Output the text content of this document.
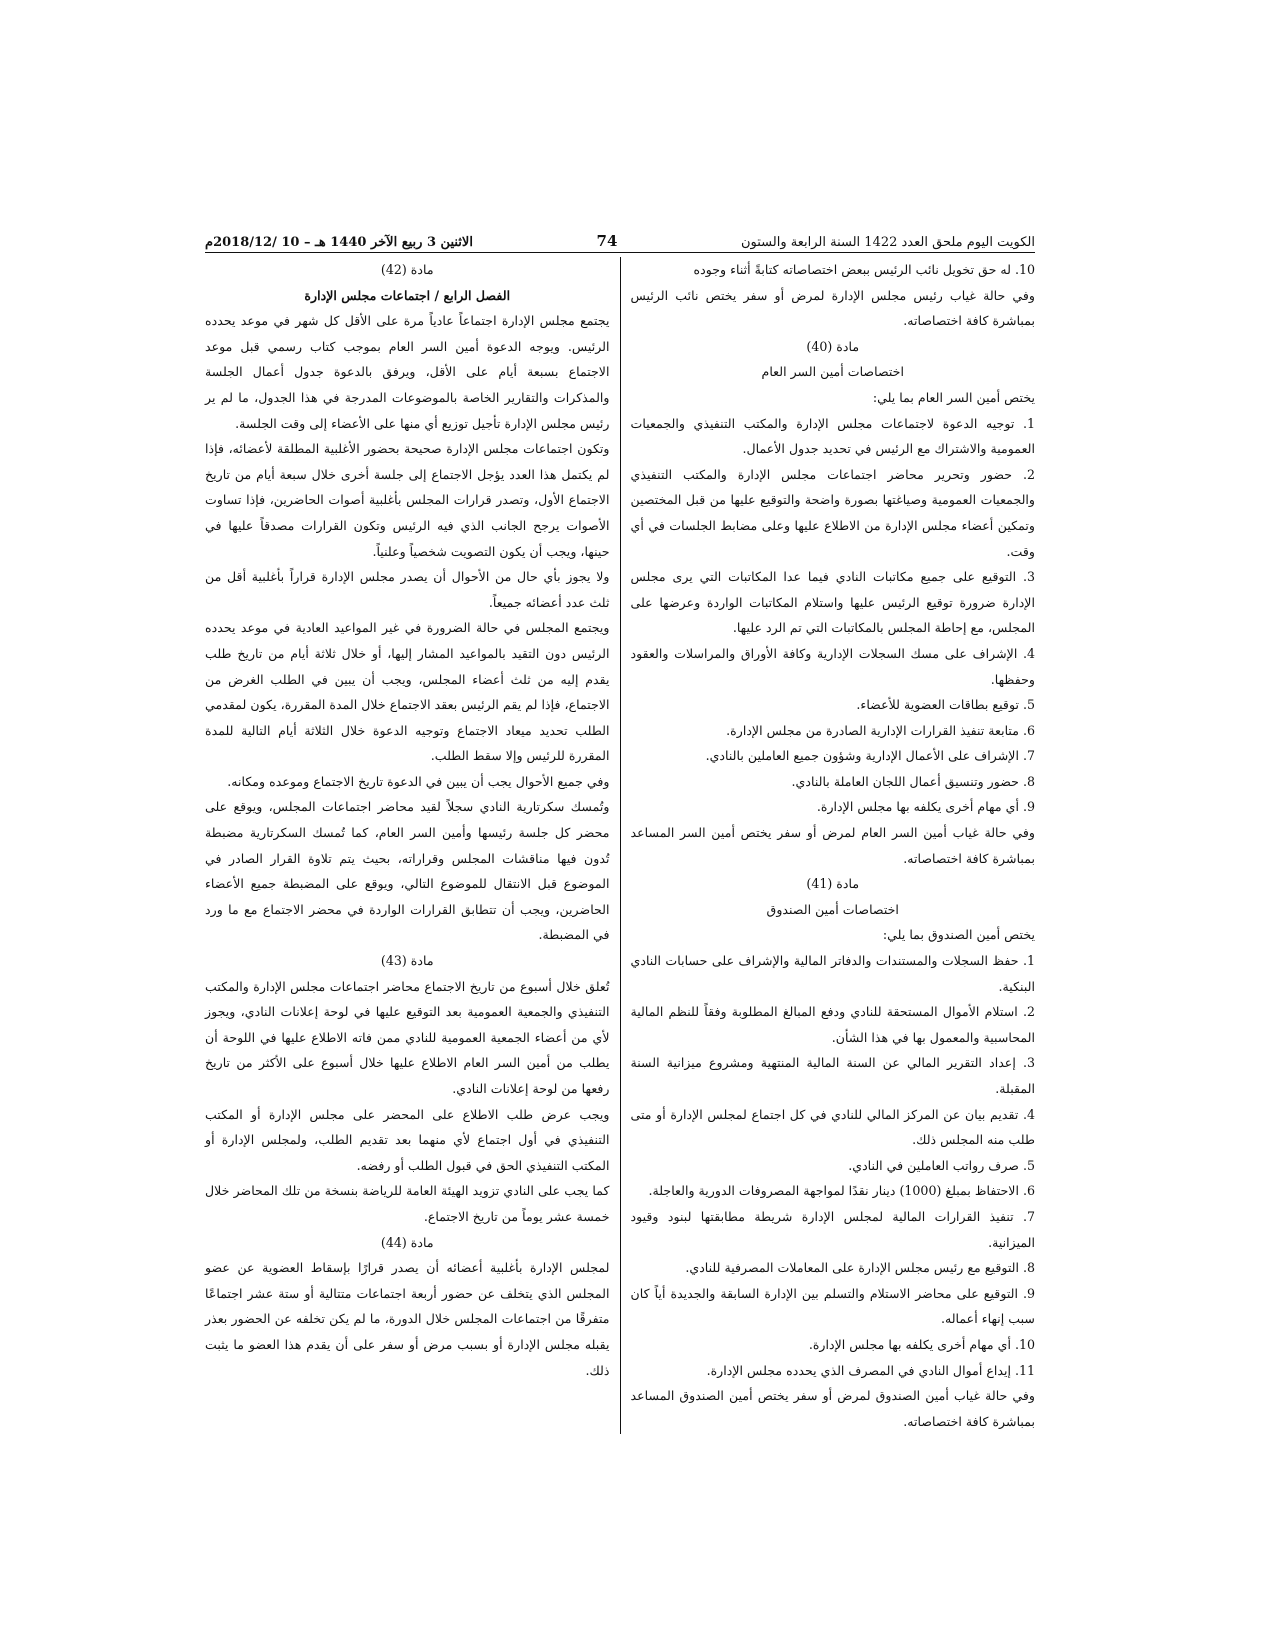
الكويت اليوم ملحق العدد 1422 السنة الرابعة والستون
74
الاثنين 3 ربيع الآخر 1440 هـ – 10 /2018/12م

10. له حق تخويل نائب الرئيس ببعض اختصاصاته كتابةً أثناء وجوده

وفي حالة غياب رئيس مجلس الإدارة لمرض أو سفر يختص نائب الرئيس بمباشرة كافة اختصاصاته.

مادة (40)

اختصاصات أمين السر العام

يختص أمين السر العام بما يلي:

1. توجيه الدعوة لاجتماعات مجلس الإدارة والمكتب التنفيذي والجمعيات العمومية والاشتراك مع الرئيس في تحديد جدول الأعمال.

2. حضور وتحرير محاضر اجتماعات مجلس الإدارة والمكتب التنفيذي والجمعيات العمومية وصياغتها بصورة واضحة والتوقيع عليها من قبل المختصين وتمكين أعضاء مجلس الإدارة من الاطلاع عليها وعلى مضابط الجلسات في أي وقت.

3. التوقيع على جميع مكاتبات النادي فيما عدا المكاتبات التي يرى مجلس الإدارة ضرورة توقيع الرئيس عليها واستلام المكاتبات الواردة وعرضها على المجلس، مع إحاطة المجلس بالمكاتبات التي تم الرد عليها.

4. الإشراف على مسك السجلات الإدارية وكافة الأوراق والمراسلات والعقود وحفظها.

5. توقيع بطاقات العضوية للأعضاء.

6. متابعة تنفيذ القرارات الإدارية الصادرة من مجلس الإدارة.

7. الإشراف على الأعمال الإدارية وشؤون جميع العاملين بالنادي.

8. حضور وتنسيق أعمال اللجان العاملة بالنادي.

9. أي مهام أخرى يكلفه بها مجلس الإدارة.

وفي حالة غياب أمين السر العام لمرض أو سفر يختص أمين السر المساعد بمباشرة كافة اختصاصاته.

مادة (41)

اختصاصات أمين الصندوق

يختص أمين الصندوق بما يلي:

1. حفظ السجلات والمستندات والدفاتر المالية والإشراف على حسابات النادي البنكية.

2. استلام الأموال المستحقة للنادي ودفع المبالغ المطلوبة وفقاً للنظم المالية المحاسبية والمعمول بها في هذا الشأن.

3. إعداد التقرير المالي عن السنة المالية المنتهية ومشروع ميزانية السنة المقبلة.

4. تقديم بيان عن المركز المالي للنادي في كل اجتماع لمجلس الإدارة أو متى طلب منه المجلس ذلك.

5. صرف رواتب العاملين في النادي.

6. الاحتفاظ بمبلغ (1000) دينار نقدًا لمواجهة المصروفات الدورية والعاجلة.

7. تنفيذ القرارات المالية لمجلس الإدارة شريطة مطابقتها لبنود وقيود الميزانية.

8. التوقيع مع رئيس مجلس الإدارة على المعاملات المصرفية للنادي.

9. التوقيع على محاضر الاستلام والتسلم بين الإدارة السابقة والجديدة أياً كان سبب إنهاء أعماله.

10. أي مهام أخرى يكلفه بها مجلس الإدارة.

11. إيداع أموال النادي في المصرف الذي يحدده مجلس الإدارة.

وفي حالة غياب أمين الصندوق لمرض أو سفر يختص أمين الصندوق المساعد بمباشرة كافة اختصاصاته.

مادة (42)

الفصل الرابع / اجتماعات مجلس الإدارة

يجتمع مجلس الإدارة اجتماعاً عادياً مرة على الأقل كل شهر في موعد يحدده الرئيس. ويوجه الدعوة أمين السر العام بموجب كتاب رسمي قبل موعد الاجتماع بسبعة أيام على الأقل، ويرفق بالدعوة جدول أعمال الجلسة والمذكرات والتقارير الخاصة بالموضوعات المدرجة في هذا الجدول، ما لم ير رئيس مجلس الإدارة تأجيل توزيع أي منها على الأعضاء إلى وقت الجلسة.

وتكون اجتماعات مجلس الإدارة صحيحة بحضور الأغلبية المطلقة لأعضائه، فإذا لم يكتمل هذا العدد يؤجل الاجتماع إلى جلسة أخرى خلال سبعة أيام من تاريخ الاجتماع الأول، وتصدر قرارات المجلس بأغلبية أصوات الحاضرين، فإذا تساوت الأصوات يرجح الجانب الذي فيه الرئيس وتكون القرارات مصدقاً عليها في حينها، ويجب أن يكون التصويت شخصياً وعلنياً.

ولا يجوز بأي حال من الأحوال أن يصدر مجلس الإدارة قراراً بأغلبية أقل من ثلث عدد أعضائه جميعاً.

ويجتمع المجلس في حالة الضرورة في غير المواعيد العادية في موعد يحدده الرئيس دون التقيد بالمواعيد المشار إليها، أو خلال ثلاثة أيام من تاريخ طلب يقدم إليه من ثلث أعضاء المجلس، ويجب أن يبين في الطلب الغرض من الاجتماع، فإذا لم يقم الرئيس بعقد الاجتماع خلال المدة المقررة، يكون لمقدمي الطلب تحديد ميعاد الاجتماع وتوجيه الدعوة خلال الثلاثة أيام التالية للمدة المقررة للرئيس وإلا سقط الطلب.

وفي جميع الأحوال يجب أن يبين في الدعوة تاريخ الاجتماع وموعده ومكانه.

وتُمسك سكرتارية النادي سجلاً لقيد محاضر اجتماعات المجلس، ويوقع على محضر كل جلسة رئيسها وأمين السر العام، كما تُمسك السكرتارية مضبطة تُدون فيها مناقشات المجلس وقراراته، بحيث يتم تلاوة القرار الصادر في الموضوع قبل الانتقال للموضوع التالي، ويوقع على المضبطة جميع الأعضاء الحاضرين، ويجب أن تتطابق القرارات الواردة في محضر الاجتماع مع ما ورد في المضبطة.

مادة (43)

تُعلق خلال أسبوع من تاريخ الاجتماع محاضر اجتماعات مجلس الإدارة والمكتب التنفيذي والجمعية العمومية بعد التوقيع عليها في لوحة إعلانات النادي، ويجوز لأي من أعضاء الجمعية العمومية للنادي ممن فاته الاطلاع عليها في اللوحة أن يطلب من أمين السر العام الاطلاع عليها خلال أسبوع على الأكثر من تاريخ رفعها من لوحة إعلانات النادي.

ويجب عرض طلب الاطلاع على المحضر على مجلس الإدارة أو المكتب التنفيذي في أول اجتماع لأي منهما بعد تقديم الطلب، ولمجلس الإدارة أو المكتب التنفيذي الحق في قبول الطلب أو رفضه.

كما يجب على النادي تزويد الهيئة العامة للرياضة بنسخة من تلك المحاضر خلال خمسة عشر يوماً من تاريخ الاجتماع.

مادة (44)

لمجلس الإدارة بأغلبية أعضائه أن يصدر قرارًا بإسقاط العضوية عن عضو المجلس الذي يتخلف عن حضور أربعة اجتماعات متتالية أو ستة عشر اجتماعًا متفرقًا من اجتماعات المجلس خلال الدورة، ما لم يكن تخلفه عن الحضور بعذر يقبله مجلس الإدارة أو بسبب مرض أو سفر على أن يقدم هذا العضو ما يثبت ذلك.
